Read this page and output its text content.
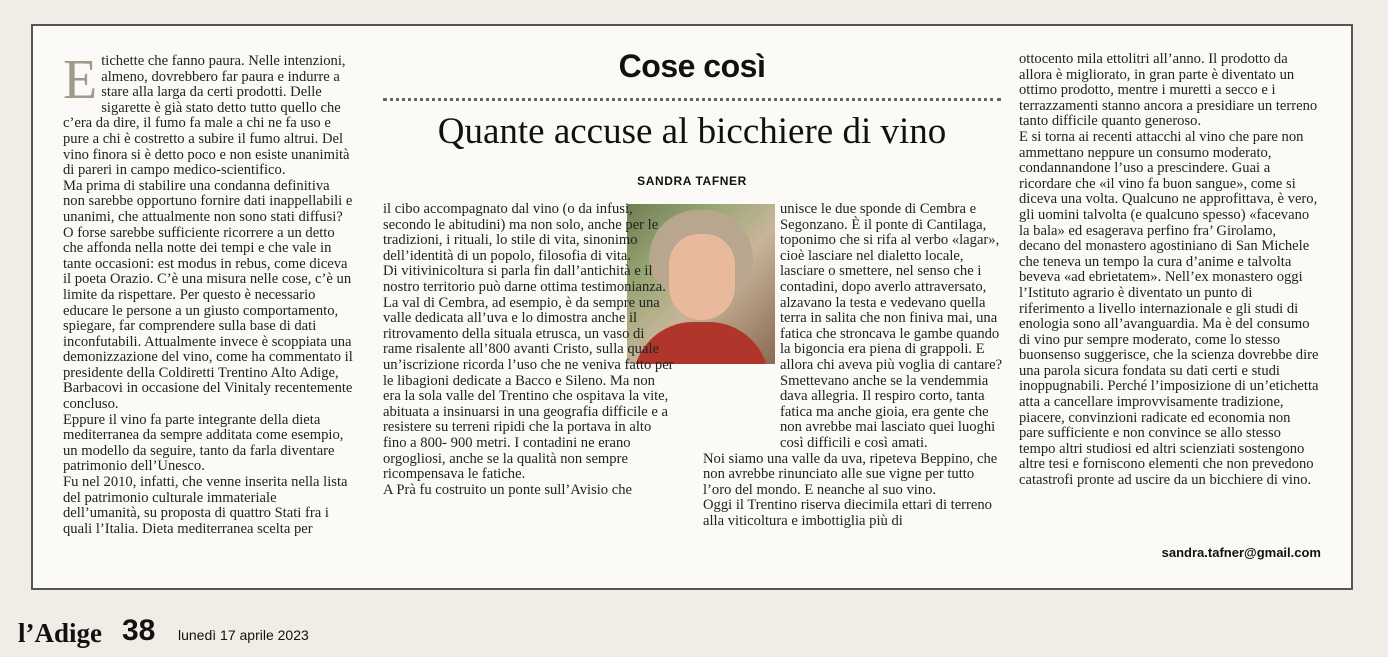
Cose così
Quante accuse al bicchiere di vino
SANDRA TAFNER
E tichette che fanno paura. Nelle intenzioni, almeno, dovrebbero far paura e indurre a stare alla larga da certi prodotti. Delle sigarette è già stato detto tutto quello che c’era da dire, il fumo fa male a chi ne fa uso e pure a chi è costretto a subire il fumo altrui. Del vino finora si è detto poco e non esiste unanimità di pareri in campo medico-scientifico.

Ma prima di stabilire una condanna definitiva non sarebbe opportuno fornire dati inappellabili e unanimi, che attualmente non sono stati diffusi? O forse sarebbe sufficiente ricorrere a un detto che affonda nella notte dei tempi e che vale in tante occasioni: est modus in rebus, come diceva il poeta Orazio. C’è una misura nelle cose, c’è un limite da rispettare. Per questo è necessario educare le persone a un giusto comportamento, spiegare, far comprendere sulla base di dati inconfutabili. Attualmente invece è scoppiata una demonizzazione del vino, come ha commentato il presidente della Coldiretti Trentino Alto Adige, Barbacovi in occasione del Vinitaly recentemente concluso.

Eppure il vino fa parte integrante della dieta mediterranea da sempre additata come esempio, un modello da seguire, tanto da farla diventare patrimonio dell’Unesco.

Fu nel 2010, infatti, che venne inserita nella lista del patrimonio culturale immateriale dell’umanità, su proposta di quattro Stati fra i quali l’Italia. Dieta mediterranea scelta per

il cibo accompagnato dal vino (o da infusi, secondo le abitudini) ma non solo, anche per le tradizioni, i rituali, lo stile di vita, sinonimo dell’identità di un popolo, filosofia di vita.

Di vitivinicoltura si parla fin dall’antichità e il nostro territorio può darne ottima testimonianza.

La val di Cembra, ad esempio, è da sempre una valle dedicata all’uva e lo dimostra anche il ritrovamento della situala etrusca, un vaso di rame risalente all’800 avanti Cristo, sulla quale un’iscrizione ricorda l’uso che ne veniva fatto per le libagioni dedicate a Bacco e Sileno. Ma non era la sola valle del Trentino che ospitava la vite, abituata a insinuarsi in una geografia difficile e a resistere su terreni ripidi che la portava in alto fino a 800- 900 metri. I contadini ne erano orgogliosi, anche se la qualità non sempre ricompensava le fatiche.

A Prà fu costruito un ponte sull’Avisio che

unisce le due sponde di Cembra e Segonzano. È il ponte di Cantilaga, toponimo che si rifa al verbo «lagar», cioè lasciare nel dialetto locale, lasciare o smettere, nel senso che i contadini, dopo averlo attraversato, alzavano la testa e vedevano quella terra in salita che non finiva mai, una fatica che stroncava le gambe quando la bigoncia era piena di grappoli. E allora chi aveva più voglia di cantare? Smettevano anche se la vendemmia dava allegria. Il respiro corto, tanta fatica ma anche gioia, era gente che non avrebbe mai lasciato quei luoghi così difficili e così amati.

Noi siamo una valle da uva, ripeteva Beppino, che non avrebbe rinunciato alle sue vigne per tutto l’oro del mondo. E neanche al suo vino.

Oggi il Trentino riserva diecimila ettari di terreno alla viticoltura e imbottiglia più di

ottocento mila ettolitri all’anno. Il prodotto da allora è migliorato, in gran parte è diventato un ottimo prodotto, mentre i muretti a secco e i terrazzamenti stanno ancora a presidiare un terreno tanto difficile quanto generoso.

E si torna ai recenti attacchi al vino che pare non ammettano neppure un consumo moderato, condannandone l’uso a prescindere. Guai a ricordare che «il vino fa buon sangue», come si diceva una volta. Qualcuno ne approfittava, è vero, gli uomini talvolta (e qualcuno spesso) «facevano la bala» ed esagerava perfino fra’ Girolamo, decano del monastero agostiniano di San Michele che teneva un tempo la cura d’anime e talvolta beveva «ad ebrietatem». Nell’ex monastero oggi l’Istituto agrario è diventato un punto di riferimento a livello internazionale e gli studi di enologia sono all’avanguardia. Ma è del consumo di vino pur sempre moderato, come lo stesso buonsenso suggerisce, che la scienza dovrebbe dire una parola sicura fondata su dati certi e studi inoppugnabili. Perché l’imposizione di un’etichetta atta a cancellare improvvisamente tradizione, piacere, convinzioni radicate ed economia non pare sufficiente e non convince se allo stesso tempo altri studiosi ed altri scienziati sostengono altre tesi e forniscono elementi che non prevedono catastrofi pronte ad uscire da un bicchiere di vino.

sandra.tafner@gmail.com
l’Adige 38 lunedì 17 aprile 2023
